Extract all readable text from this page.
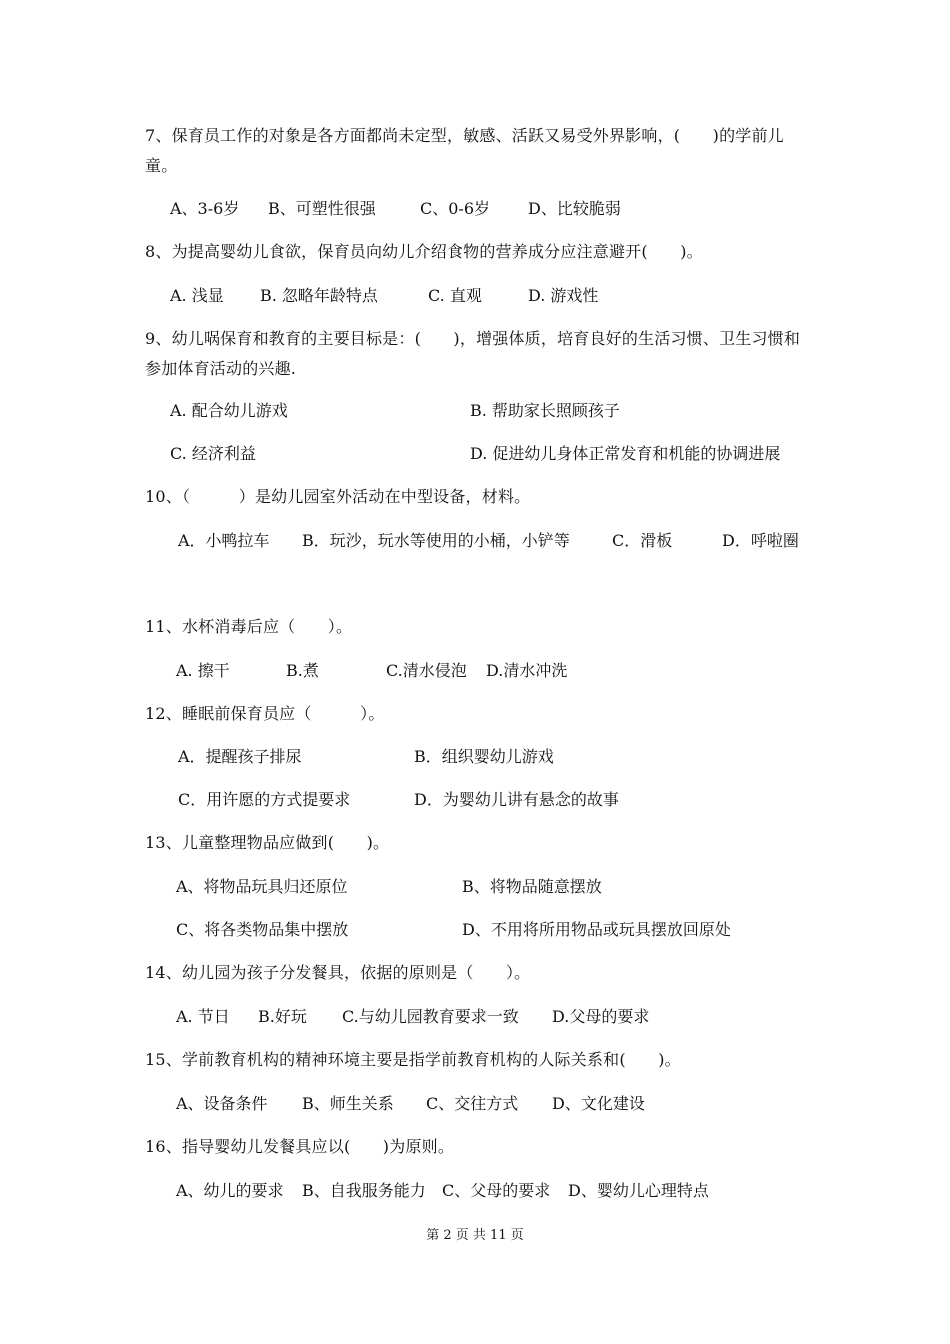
7、保育员工作的对象是各方面都尚未定型，敏感、活跃又易受外界影响，(　　)的学前儿童。
A、3-6岁 B、可塑性很强	C、0-6岁 D、比较脆弱
8、为提高婴幼儿食欲，保育员向幼儿介绍食物的营养成分应注意避开(　　)。
A. 浅显 B. 忽略年龄特点	C. 直观	D. 游戏性
9、幼儿㖞保育和教育的主要目标是：(　　)，增强体质，培育良好的生活习惯、卫生习惯和参加体育活动的兴趣.
A. 配合幼儿游戏	B. 帮助家长照顾孩子
C. 经济利益	D. 促进幼儿身体正常发育和机能的协调进展
10、（　　　）是幼儿园室外活动在中型设备，材料。
A．小鸭拉车 B．玩沙，玩水等使用的小桶，小铲等	C．滑板	D．呼啦圈
11、水杯消毒后应（　　）。
A. 擦干	B.煮	C.清水侵泡 D.清水冲洗
12、睡眠前保育员应（　　　）。
A．提醒孩子排尿	B．组织婴幼儿游戏
C．用许愿的方式提要求	D．为婴幼儿讲有悬念的故事
13、儿童整理物品应做到(　　)。
A、将物品玩具归还原位	B、将物品随意摆放
C、将各类物品集中摆放	D、不用将所用物品或玩具摆放回原处
14、幼儿园为孩子分发餐具，依据的原则是（　　）。
A. 节日 B.好玩 C.与幼儿园教育要求一致 D.父母的要求
15、学前教育机构的精神环境主要是指学前教育机构的人际关系和(　　)。
A、设备条件 B、师生关系 C、交往方式 D、文化建设
16、指导婴幼儿发餐具应以(　　)为原则。
A、幼儿的要求 B、自我服务能力 C、父母的要求 D、婴幼儿心理特点
第 2 页 共 11 页
